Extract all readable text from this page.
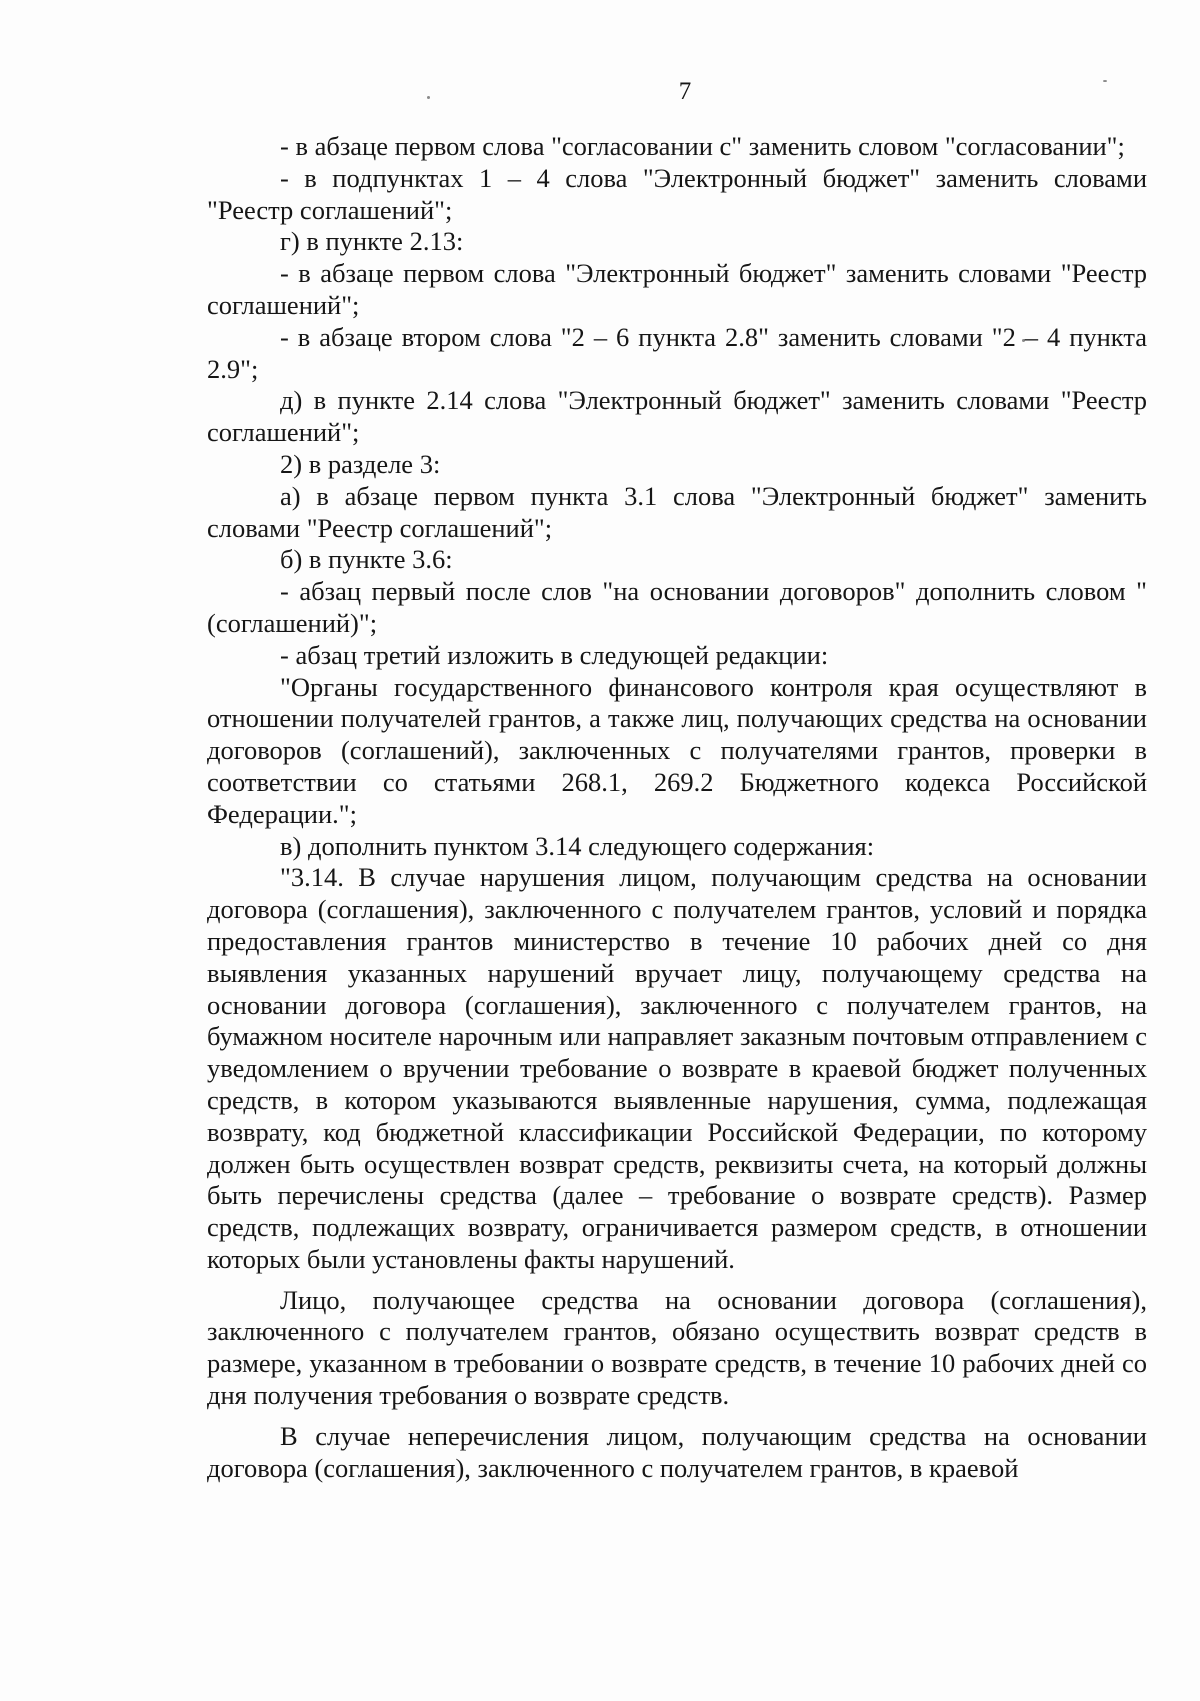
7

- в абзаце первом слова "согласовании с" заменить словом "согласовании";

- в подпунктах 1 – 4 слова "Электронный бюджет" заменить словами "Реестр соглашений";

г) в пункте 2.13:

- в абзаце первом слова "Электронный бюджет" заменить словами "Реестр соглашений";

- в абзаце втором слова "2 – 6 пункта 2.8" заменить словами "2 – 4 пункта 2.9";

д) в пункте 2.14 слова "Электронный бюджет" заменить словами "Реестр соглашений";

2) в разделе 3:

а) в абзаце первом пункта 3.1 слова "Электронный бюджет" заменить словами "Реестр соглашений";

б) в пункте 3.6:

- абзац первый после слов "на основании договоров" дополнить словом "(соглашений)";

- абзац третий изложить в следующей редакции:

"Органы государственного финансового контроля края осуществляют в отношении получателей грантов, а также лиц, получающих средства на основании договоров (соглашений), заключенных с получателями грантов, проверки в соответствии со статьями 268.1, 269.2 Бюджетного кодекса Российской Федерации.";

в) дополнить пунктом 3.14 следующего содержания:

"3.14. В случае нарушения лицом, получающим средства на основании договора (соглашения), заключенного с получателем грантов, условий и порядка предоставления грантов министерство в течение 10 рабочих дней со дня выявления указанных нарушений вручает лицу, получающему средства на основании договора (соглашения), заключенного с получателем грантов, на бумажном носителе нарочным или направляет заказным почтовым отправлением с уведомлением о вручении требование о возврате в краевой бюджет полученных средств, в котором указываются выявленные нарушения, сумма, подлежащая возврату, код бюджетной классификации Российской Федерации, по которому должен быть осуществлен возврат средств, реквизиты счета, на который должны быть перечислены средства (далее – требование о возврате средств). Размер средств, подлежащих возврату, ограничивается размером средств, в отношении которых были установлены факты нарушений.

Лицо, получающее средства на основании договора (соглашения), заключенного с получателем грантов, обязано осуществить возврат средств в размере, указанном в требовании о возврате средств, в течение 10 рабочих дней со дня получения требования о возврате средств.

В случае неперечисления лицом, получающим средства на основании договора (соглашения), заключенного с получателем грантов, в краевой
